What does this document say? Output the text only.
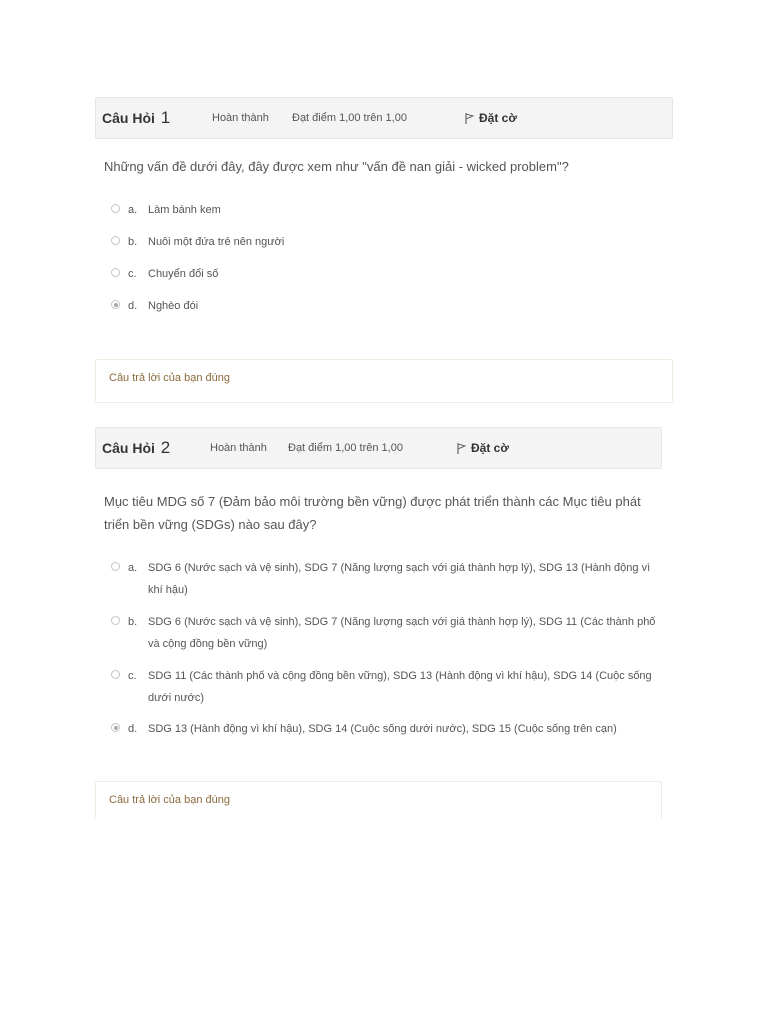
Câu Hỏi 1	Hoàn thành Đạt điểm 1,00 trên 1,00	Đặt cờ
Những vấn đề dưới đây, đây được xem như "vấn đề nan giải - wicked problem"?
a. Làm bánh kem
b. Nuôi một đứa trẻ nên người
c. Chuyển đổi số
d. Nghèo đói
Câu trả lời của bạn đúng
Câu Hỏi 2	Hoàn thành Đạt điểm 1,00 trên 1,00	Đặt cờ
Mục tiêu MDG số 7 (Đảm bảo môi trường bền vững) được phát triển thành các Mục tiêu phát triển bền vững (SDGs) nào sau đây?
a. SDG 6 (Nước sạch và vệ sinh), SDG 7 (Năng lượng sạch với giá thành hợp lý), SDG 13 (Hành động vì khí hậu)
b. SDG 6 (Nước sạch và vệ sinh), SDG 7 (Năng lượng sạch với giá thành hợp lý), SDG 11 (Các thành phố và cộng đồng bền vững)
c. SDG 11 (Các thành phố và cộng đồng bền vững), SDG 13 (Hành động vì khí hậu), SDG 14 (Cuộc sống dưới nước)
d. SDG 13 (Hành động vì khí hậu), SDG 14 (Cuộc sống dưới nước), SDG 15 (Cuộc sống trên cạn)
Câu trả lời của bạn đúng
